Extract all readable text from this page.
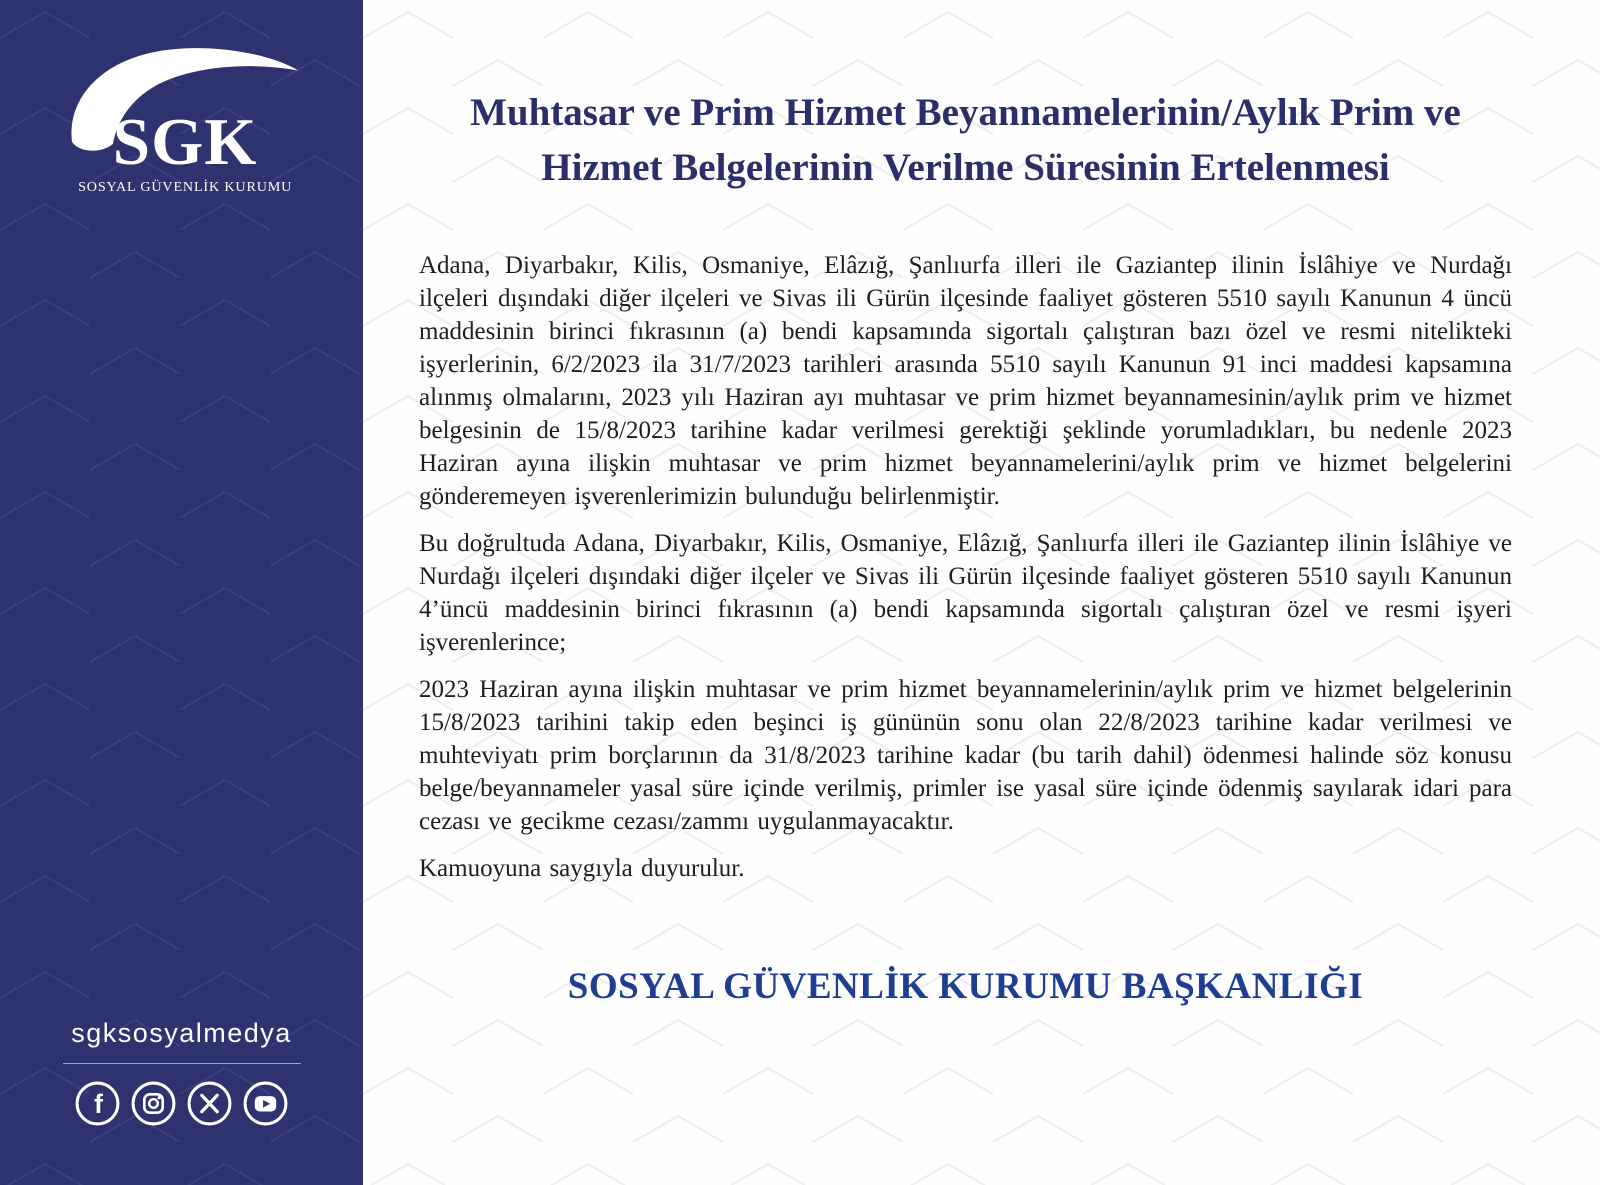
SGK
SOSYAL GÜVENLİK KURUMU
sgksosyalmedya
f
Muhtasar ve Prim Hizmet Beyannamelerinin/Aylık Prim ve Hizmet Belgelerinin Verilme Süresinin Ertelenmesi

Adana, Diyarbakır, Kilis, Osmaniye, Elâzığ, Şanlıurfa illeri ile Gaziantep ilinin İslâhiye ve Nurdağı ilçeleri dışındaki diğer ilçeleri ve Sivas ili Gürün ilçesinde faaliyet gösteren 5510 sayılı Kanunun 4 üncü maddesinin birinci fıkrasının (a) bendi kapsamında sigortalı çalıştıran bazı özel ve resmi nitelikteki işyerlerinin, 6/2/2023 ila 31/7/2023 tarihleri arasında 5510 sayılı Kanunun 91 inci maddesi kapsamına alınmış olmalarını, 2023 yılı Haziran ayı muhtasar ve prim hizmet beyannamesinin/aylık prim ve hizmet belgesinin de 15/8/2023 tarihine kadar verilmesi gerektiği şeklinde yorumladıkları, bu nedenle 2023 Haziran ayına ilişkin muhtasar ve prim hizmet beyannamelerini/aylık prim ve hizmet belgelerini gönderemeyen işverenlerimizin bulunduğu belirlenmiştir.

Bu doğrultuda Adana, Diyarbakır, Kilis, Osmaniye, Elâzığ, Şanlıurfa illeri ile Gaziantep ilinin İslâhiye ve Nurdağı ilçeleri dışındaki diğer ilçeler ve Sivas ili Gürün ilçesinde faaliyet gösteren 5510 sayılı Kanunun 4’üncü maddesinin birinci fıkrasının (a) bendi kapsamında sigortalı çalıştıran özel ve resmi işyeri işverenlerince;

2023 Haziran ayına ilişkin muhtasar ve prim hizmet beyannamelerinin/aylık prim ve hizmet belgelerinin 15/8/2023 tarihini takip eden beşinci iş gününün sonu olan 22/8/2023 tarihine kadar verilmesi ve muhteviyatı prim borçlarının da 31/8/2023 tarihine kadar (bu tarih dahil) ödenmesi halinde söz konusu belge/beyannameler yasal süre içinde verilmiş, primler ise yasal süre içinde ödenmiş sayılarak idari para cezası ve gecikme cezası/zammı uygulanmayacaktır.

Kamuoyuna saygıyla duyurulur.

SOSYAL GÜVENLİK KURUMU BAŞKANLIĞI
